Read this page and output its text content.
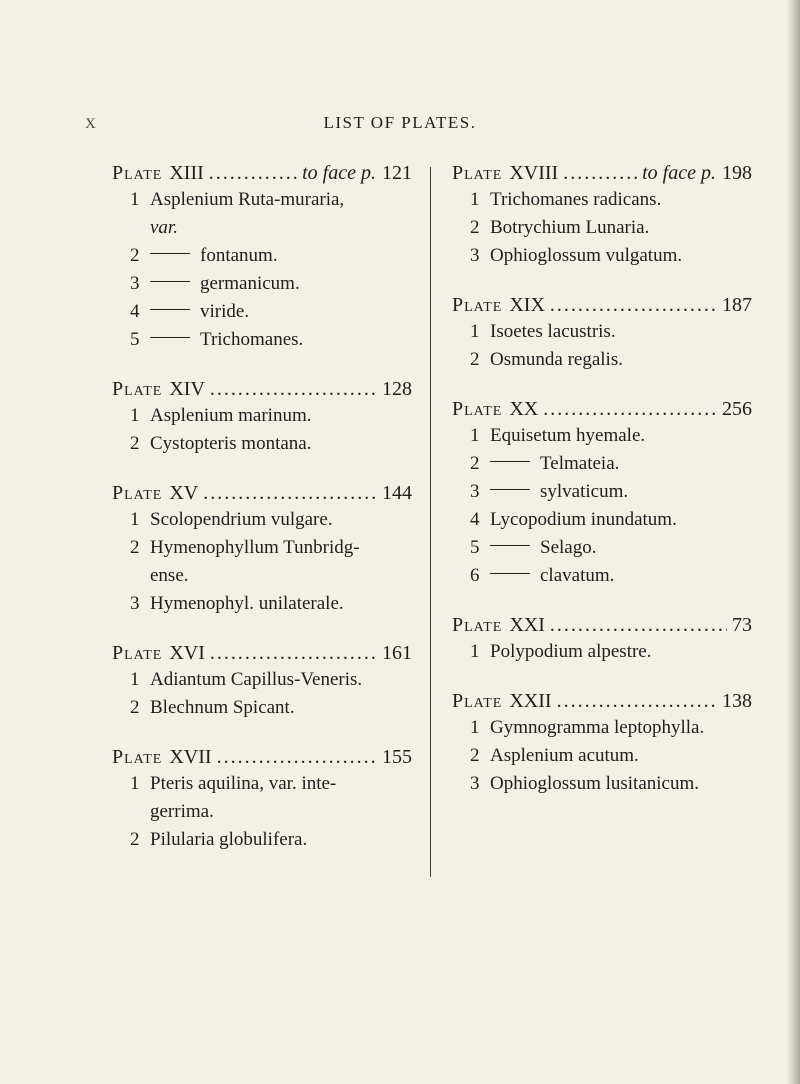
X	LIST OF PLATES.
Plate XIII .....	to face p. 121
1 Asplenium Ruta-muraria,
var.
2	fontanum.
3	germanicum.
4	viride.
5	Trichomanes.
Plate XIV .....	128
1 Asplenium marinum.
2 Cystopteris montana.
Plate XV .....	144
1 Scolopendrium vulgare.
2 Hymenophyllum Tunbridg-
ense.
3 Hymenophyl. unilaterale.
Plate XVI .....	161
1 Adiantum Capillus-Veneris.
2 Blechnum Spicant.
Plate XVII .....	155
1 Pteris aquilina, var. inte-
gerrima.
2 Pilularia globulifera.
Plate XVIII .....	to face p. 198
1 Trichomanes radicans.
2 Botrychium Lunaria.
3 Ophioglossum vulgatum.
Plate XIX .....	187
1 Isoetes lacustris.
2 Osmunda regalis.
Plate XX .....	256
1 Equisetum hyemale.
2	Telmateia.
3	sylvaticum.
4 Lycopodium inundatum.
5	Selago.
6	clavatum.
Plate XXI .....	73
1 Polypodium alpestre.
Plate XXII .....	138
1 Gymnogramma leptophylla.
2 Asplenium acutum.
3 Ophioglossum lusitanicum.
